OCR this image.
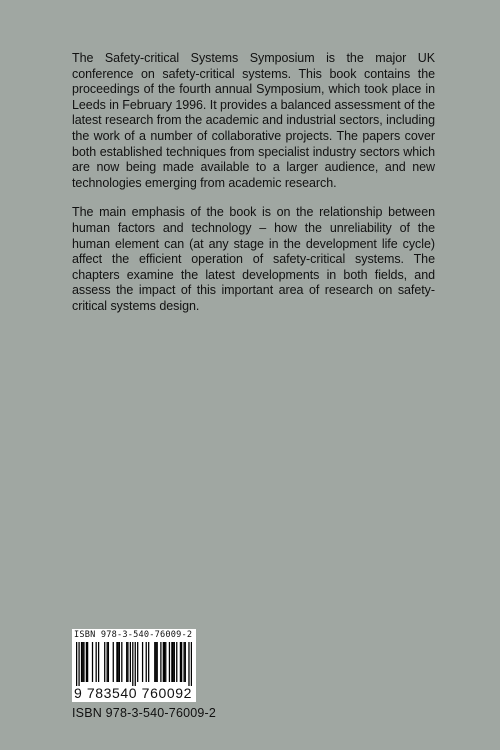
The Safety-critical Systems Symposium is the major UK conference on safety-critical systems. This book contains the proceedings of the fourth annual Symposium, which took place in Leeds in February 1996. It provides a balanced assessment of the latest research from the academic and industrial sectors, including the work of a number of collaborative projects. The papers cover both established techniques from specialist industry sectors which are now being made available to a larger audience, and new technologies emerging from academic research.

The main emphasis of the book is on the relationship between human factors and technology – how the unreliability of the human element can (at any stage in the development life cycle) affect the efficient operation of safety-critical systems. The chapters examine the latest developments in both fields, and assess the impact of this important area of research on safety-critical systems design.

ISBN 978-3-540-76009-2
9 783540 760092
ISBN 978-3-540-76009-2
